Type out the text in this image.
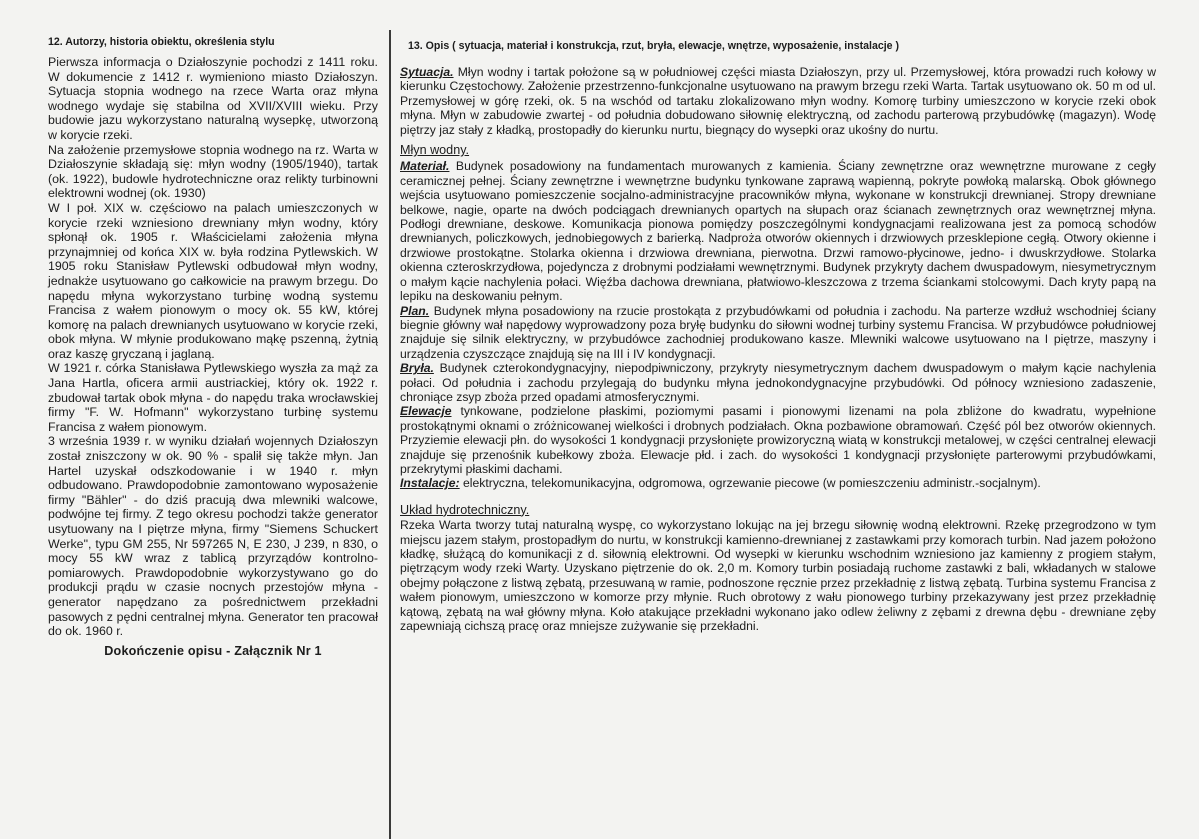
12. Autorzy, historia obiektu, określenia stylu

Pierwsza informacja o Działoszynie pochodzi z 1411 roku. W dokumencie z 1412 r. wymieniono miasto Działoszyn. Sytuacja stopnia wodnego na rzece Warta oraz młyna wodnego wydaje się stabilna od XVII/XVIII wieku. Przy budowie jazu wykorzystano naturalną wysepkę, utworzoną w korycie rzeki.

Na założenie przemysłowe stopnia wodnego na rz. Warta w Działoszynie składają się: młyn wodny (1905/1940), tartak (ok. 1922), budowle hydrotechniczne oraz relikty turbinowni elektrowni wodnej (ok. 1930)

W I poł. XIX w. częściowo na palach umieszczonych w korycie rzeki wzniesiono drewniany młyn wodny, który spłonął ok. 1905 r. Właścicielami założenia młyna przynajmniej od końca XIX w. była rodzina Pytlewskich. W 1905 roku Stanisław Pytlewski odbudował młyn wodny, jednakże usytuowano go całkowicie na prawym brzegu. Do napędu młyna wykorzystano turbinę wodną systemu Francisa z wałem pionowym o mocy ok. 55 kW, której komorę na palach drewnianych usytuowano w korycie rzeki, obok młyna. W młynie produkowano mąkę pszenną, żytnią oraz kaszę gryczaną i jaglaną.

W 1921 r. córka Stanisława Pytlewskiego wyszła za mąż za Jana Hartla, oficera armii austriackiej, który ok. 1922 r. zbudował tartak obok młyna - do napędu traka wrocławskiej firmy "F. W. Hofmann" wykorzystano turbinę systemu Francisa z wałem pionowym.

3 września 1939 r. w wyniku działań wojennych Działoszyn został zniszczony w ok. 90 % - spalił się także młyn. Jan Hartel uzyskał odszkodowanie i w 1940 r. młyn odbudowano. Prawdopodobnie zamontowano wyposażenie firmy "Bähler" - do dziś pracują dwa mlewniki walcowe, podwójne tej firmy. Z tego okresu pochodzi także generator usytuowany na I piętrze młyna, firmy "Siemens Schuckert Werke", typu GM 255, Nr 597265 N, E 230, J 239, n 830, o mocy 55 kW wraz z tablicą przyrządów kontrolno-pomiarowych. Prawdopodobnie wykorzystywano go do produkcji prądu w czasie nocnych przestojów młyna - generator napędzano za pośrednictwem przekładni pasowych z pędni centralnej młyna. Generator ten pracował do ok. 1960 r.

Dokończenie opisu - Załącznik Nr 1
13. Opis ( sytuacja, materiał i konstrukcja, rzut, bryła, elewacje, wnętrze, wyposażenie, instalacje )

Sytuacja. Młyn wodny i tartak położone są w południowej części miasta Działoszyn, przy ul. Przemysłowej, która prowadzi ruch kołowy w kierunku Częstochowy. Założenie przestrzenno-funkcjonalne usytuowano na prawym brzegu rzeki Warta. Tartak usytuowano ok. 50 m od ul. Przemysłowej w górę rzeki, ok. 5 na wschód od tartaku zlokalizowano młyn wodny. Komorę turbiny umieszczono w korycie rzeki obok młyna. Młyn w zabudowie zwartej - od południa dobudowano siłownię elektryczną, od zachodu parterową przybudówkę (magazyn). Wodę piętrzy jaz stały z kładką, prostopadły do kierunku nurtu, biegnący do wysepki oraz ukośny do nurtu.

Młyn wodny.

Materiał. Budynek posadowiony na fundamentach murowanych z kamienia. Ściany zewnętrzne oraz wewnętrzne murowane z cegły ceramicznej pełnej. Ściany zewnętrzne i wewnętrzne budynku tynkowane zaprawą wapienną, pokryte powłoką malarską. Obok głównego wejścia usytuowano pomieszczenie socjalno-administracyjne pracowników młyna, wykonane w konstrukcji drewnianej. Stropy drewniane belkowe, nagie, oparte na dwóch podciągach drewnianych opartych na słupach oraz ścianach zewnętrznych oraz wewnętrznej młyna. Podłogi drewniane, deskowe. Komunikacja pionowa pomiędzy poszczególnymi kondygnacjami realizowana jest za pomocą schodów drewnianych, policzkowych, jednobiegowych z barierką. Nadproża otworów okiennych i drzwiowych przesklepione cegłą. Otwory okienne i drzwiowe prostokątne. Stolarka okienna i drzwiowa drewniana, pierwotna. Drzwi ramowo-płycinowe, jedno- i dwuskrzydłowe. Stolarka okienna czteroskrzydłowa, pojedyncza z drobnymi podziałami wewnętrznymi. Budynek przykryty dachem dwuspadowym, niesymetrycznym o małym kącie nachylenia połaci. Więźba dachowa drewniana, płatwiowo-kleszczowa z trzema ściankami stolcowymi. Dach kryty papą na lepiku na deskowaniu pełnym.

Plan. Budynek młyna posadowiony na rzucie prostokąta z przybudówkami od południa i zachodu. Na parterze wzdłuż wschodniej ściany biegnie główny wał napędowy wyprowadzony poza bryłę budynku do siłowni wodnej turbiny systemu Francisa. W przybudówce południowej znajduje się silnik elektryczny, w przybudówce zachodniej produkowano kasze. Mlewniki walcowe usytuowano na I piętrze, maszyny i urządzenia czyszczące znajdują się na III i IV kondygnacji.

Bryła. Budynek czterokondygnacyjny, niepodpiwniczony, przykryty niesymetrycznym dachem dwuspadowym o małym kącie nachylenia połaci. Od południa i zachodu przylegają do budynku młyna jednokondygnacyjne przybudówki. Od północy wzniesiono zadaszenie, chroniące zsyp zboża przed opadami atmosferycznymi.

Elewacje tynkowane, podzielone płaskimi, poziomymi pasami i pionowymi lizenami na pola zbliżone do kwadratu, wypełnione prostokątnymi oknami o zróżnicowanej wielkości i drobnych podziałach. Okna pozbawione obramowań. Część pól bez otworów okiennych. Przyziemie elewacji płn. do wysokości 1 kondygnacji przysłonięte prowizoryczną wiatą w konstrukcji metalowej, w części centralnej elewacji znajduje się przenośnik kubełkowy zboża. Elewacje płd. i zach. do wysokości 1 kondygnacji przysłonięte parterowymi przybudówkami, przekrytymi płaskimi dachami.

Instalacje: elektryczna, telekomunikacyjna, odgromowa, ogrzewanie piecowe (w pomieszczeniu administr.-socjalnym).

Układ hydrotechniczny.

Rzeka Warta tworzy tutaj naturalną wyspę, co wykorzystano lokując na jej brzegu siłownię wodną elektrowni. Rzekę przegrodzono w tym miejscu jazem stałym, prostopadłym do nurtu, w konstrukcji kamienno-drewnianej z zastawkami przy komorach turbin. Nad jazem położono kładkę, służącą do komunikacji z d. siłownią elektrowni. Od wysepki w kierunku wschodnim wzniesiono jaz kamienny z progiem stałym, piętrzącym wody rzeki Warty. Uzyskano piętrzenie do ok. 2,0 m. Komory turbin posiadają ruchome zastawki z bali, wkładanych w stalowe obejmy połączone z listwą zębatą, przesuwaną w ramie, podnoszone ręcznie przez przekładnię z listwą zębatą. Turbina systemu Francisa z wałem pionowym, umieszczono w komorze przy młynie. Ruch obrotowy z wału pionowego turbiny przekazywany jest przez przekładnię kątową, zębatą na wał główny młyna. Koło atakujące przekładni wykonano jako odlew żeliwny z zębami z drewna dębu - drewniane zęby zapewniają cichszą pracę oraz mniejsze zużywanie się przekładni.
